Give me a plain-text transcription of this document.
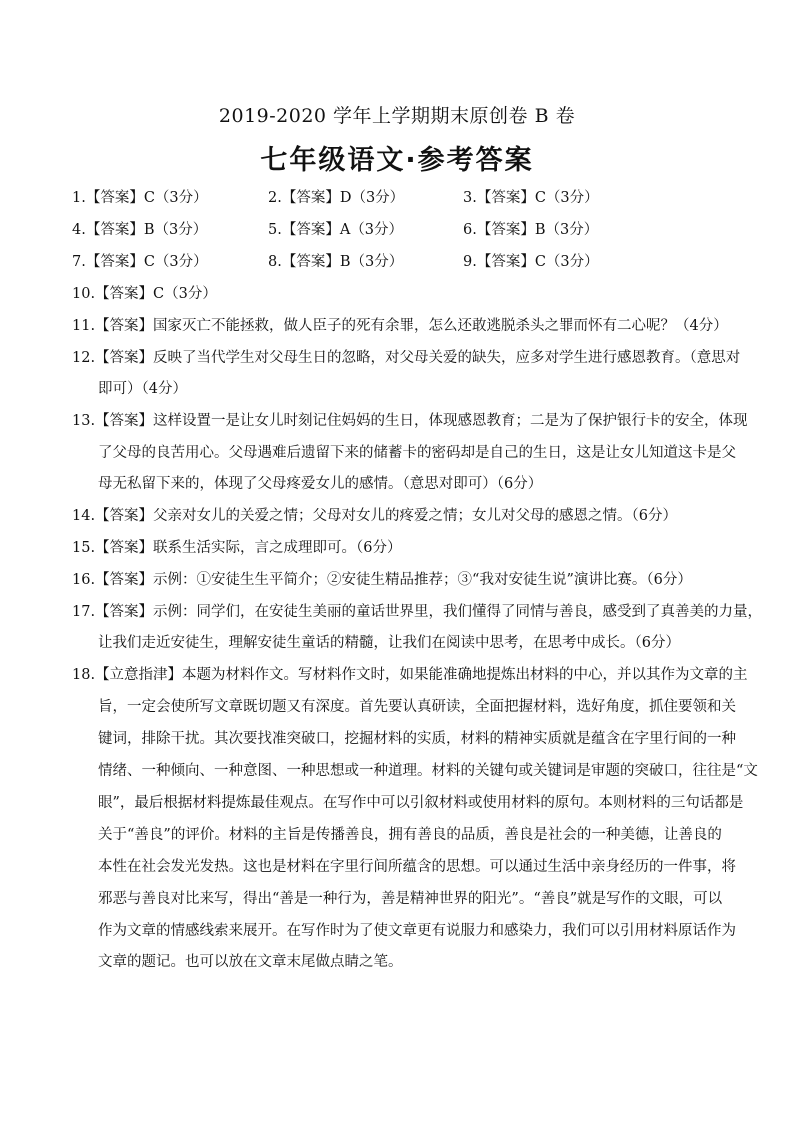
2019-2020 学年上学期期末原创卷 B 卷
七年级语文·参考答案
1.【答案】C（3分）	2.【答案】D（3分）	3.【答案】C（3分）
4.【答案】B（3分）	5.【答案】A（3分）	6.【答案】B（3分）
7.【答案】C（3分）	8.【答案】B（3分）	9.【答案】C（3分）
10.【答案】C（3分）
11.【答案】国家灭亡不能拯救，做人臣子的死有余罪，怎么还敢逃脱杀头之罪而怀有二心呢？（4分）
12.【答案】反映了当代学生对父母生日的忽略，对父母关爱的缺失，应多对学生进行感恩教育。（意思对
即可）（4分）
13.【答案】这样设置一是让女儿时刻记住妈妈的生日，体现感恩教育；二是为了保护银行卡的安全，体现
了父母的良苦用心。父母遇难后遗留下来的储蓄卡的密码却是自己的生日，这是让女儿知道这卡是父
母无私留下来的，体现了父母疼爱女儿的感情。（意思对即可）（6分）
14.【答案】父亲对女儿的关爱之情；父母对女儿的疼爱之情；女儿对父母的感恩之情。（6分）
15.【答案】联系生活实际，言之成理即可。（6分）
16.【答案】示例：①安徒生生平简介；②安徒生精品推荐；③“我对安徒生说”演讲比赛。（6分）
17.【答案】示例：同学们，在安徒生美丽的童话世界里，我们懂得了同情与善良，感受到了真善美的力量，
让我们走近安徒生，理解安徒生童话的精髓，让我们在阅读中思考，在思考中成长。（6分）
18.【立意指津】本题为材料作文。写材料作文时，如果能准确地提炼出材料的中心，并以其作为文章的主
旨，一定会使所写文章既切题又有深度。首先要认真研读，全面把握材料，选好角度，抓住要领和关
键词，排除干扰。其次要找准突破口，挖掘材料的实质，材料的精神实质就是蕴含在字里行间的一种
情绪、一种倾向、一种意图、一种思想或一种道理。材料的关键句或关键词是审题的突破口，往往是“文
眼”，最后根据材料提炼最佳观点。在写作中可以引叙材料或使用材料的原句。本则材料的三句话都是
关于“善良”的评价。材料的主旨是传播善良，拥有善良的品质，善良是社会的一种美德，让善良的
本性在社会发光发热。这也是材料在字里行间所蕴含的思想。可以通过生活中亲身经历的一件事，将
邪恶与善良对比来写，得出“善是一种行为，善是精神世界的阳光”。“善良”就是写作的文眼，可以
作为文章的情感线索来展开。在写作时为了使文章更有说服力和感染力，我们可以引用材料原话作为
文章的题记。也可以放在文章末尾做点睛之笔。
